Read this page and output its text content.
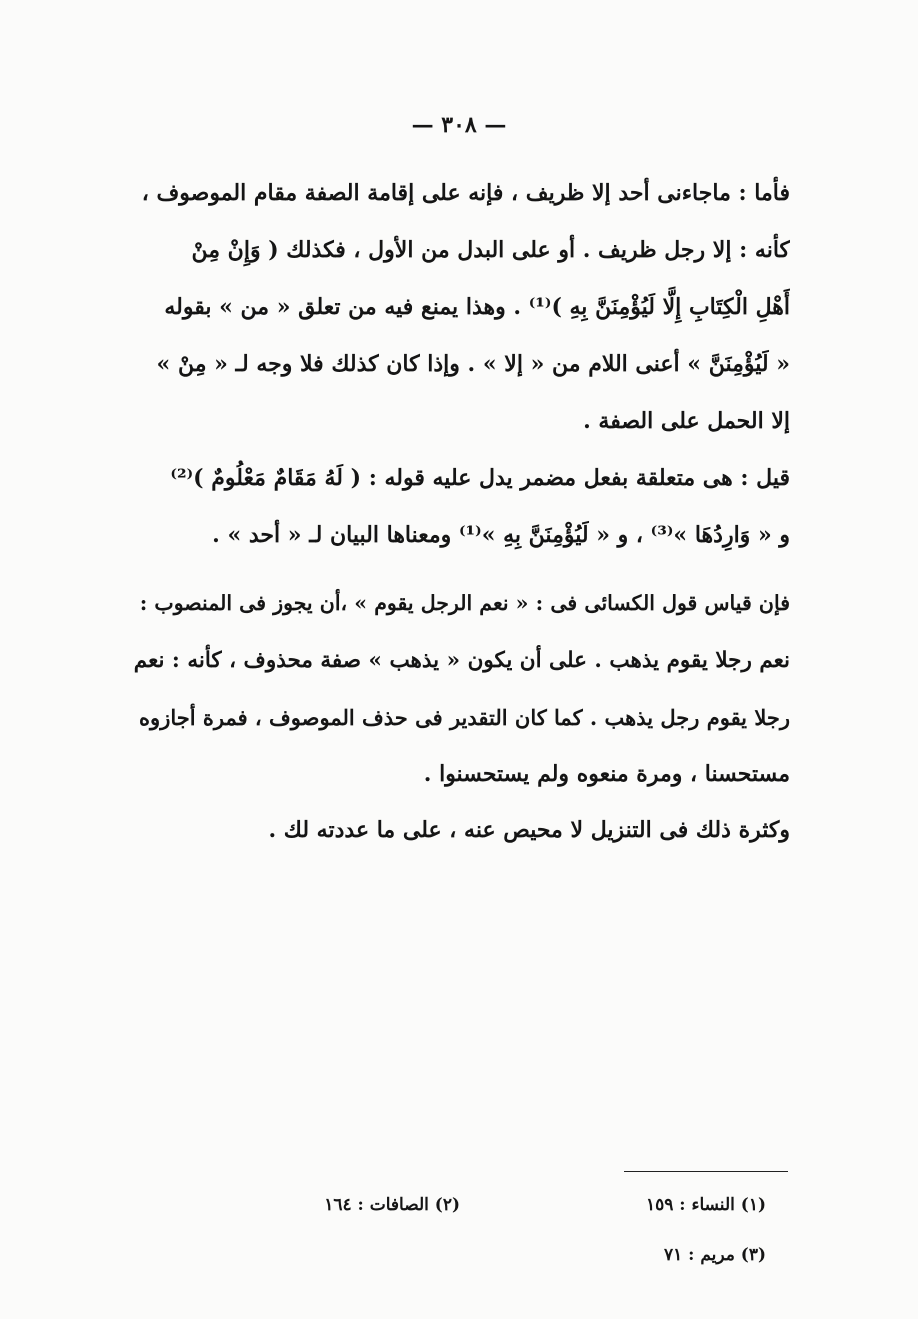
— ٣٠٨ —
فأما : ماجاءنى أحد إلا ظريف ، فإنه على إقامة الصفة مقام الموصوف ،
كأنه : إلا رجل ظريف . أو على البدل من الأول ، فكذلك ( وَإِنْ مِنْ
أَهْلِ الْكِتَابِ إِلَّا لَيُؤْمِنَنَّ بِهِ )⁽¹⁾ . وهذا يمنع فيه من تعلق « من » بقوله
« لَيُؤْمِنَنَّ » أعنى اللام من « إلا » . وإذا كان كذلك فلا وجه لـ « مِنْ »
إلا الحمل على الصفة .
قيل : هى متعلقة بفعل مضمر يدل عليه قوله : ( لَهُ مَقَامٌ مَعْلُومٌ )⁽²⁾
و « وَارِدُهَا »⁽³⁾ ، و « لَيُؤْمِنَنَّ بِهِ »⁽¹⁾ ومعناها البيان لـ « أحد » .
فإن قياس قول الكسائى فى : « نعم الرجل يقوم » ،أن يجوز فى المنصوب :
نعم رجلا يقوم يذهب . على أن يكون « يذهب » صفة محذوف ، كأنه : نعم
رجلا يقوم رجل يذهب . كما كان التقدير فى حذف الموصوف ، فمرة أجازوه
مستحسنا ، ومرة منعوه ولم يستحسنوا .
وكثرة ذلك فى التنزيل لا محيص عنه ، على ما عددته لك .
(١) النساء : ١٥٩
(٢) الصافات : ١٦٤
(٣) مريم : ٧١
